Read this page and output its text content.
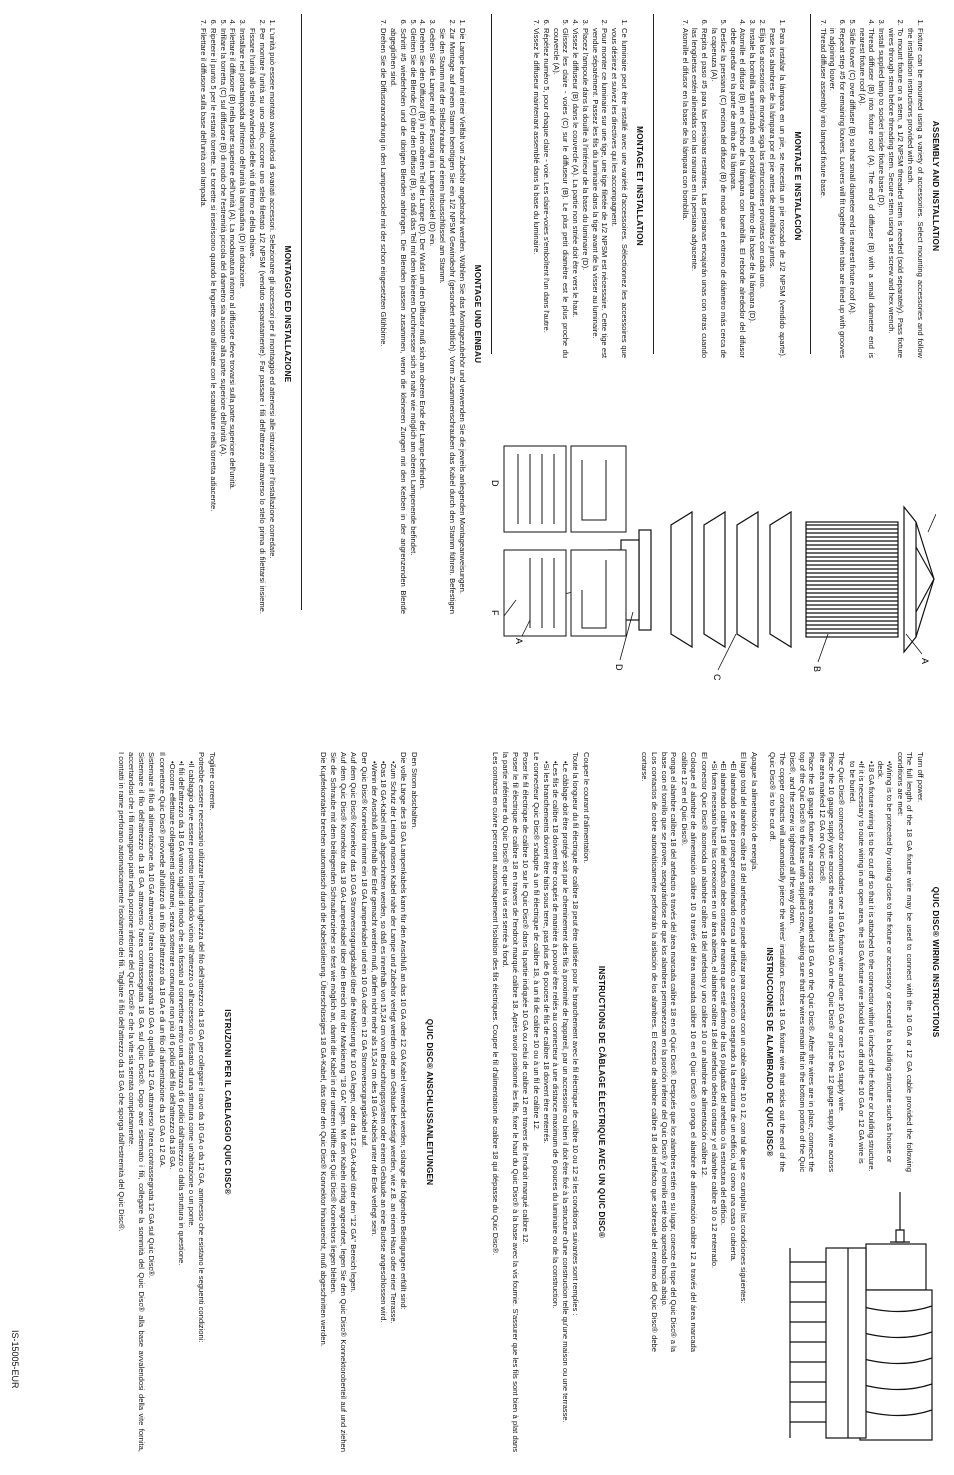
ASSEMBLY AND INSTALLATION
1. Fixture can be mounted using a variety of accessories. Select mounting accessories and follow the installation instructions provided with each.
2. To mount fixture on a stem, a 1/2 NPSM threaded stem is needed (sold separately). Pass fixture wires through stem before threading stem. Secure stem using a set screw and hex wrench.
3. Install supplied lamp to socket inside fixture base (D).
4. Thread diffuser (B) into fixture roof (A). The end of diffuser (B) with a small diameter end is nearest fixture roof (A).
5. Slide louver (C) over diffuser (B) so that small diameter end is nearest fixture roof (A).
6. Repeat step #5 for remaining louvers. Louvers will fit together when tabs are lined up with grooves in adjoining louver.
7. Thread diffuser assembly into lamped fixture base.
MONTAJE E INSTALACIÓN
1. Para instalar la lámpara en un pie, se necesita un pie roscado de 1/2 NPSM (vendido aparte). Pase los alambres de la lámpara por el pie antes de atornillarlos juntos.
2. Elija los accesorios de montaje siga las instrucciones provistas con cada uno.
3. Instale la bombilla suministrada en el portalámpara dentro de la base de la lámpara (D).
4. Atornille el difusor (B) en el techo de la lámpara con bombilla. El reborde alrededor del difusor debe quedar en la parte de arriba de la lámpara.
5. Deslice la persiana (C) encima del difusor (B) de modo que el extremo de diámetro más cerca de la caperuza (A).
6. Repita el paso #5 para las persianas restantes. Las persianas encajarán unas con otras cuando las lengüetas estén alineadas con las ranuras en la persiana adyacente.
7. Atornille el difusor en la base de la lámpara con bombilla.
MONTAGE ET INSTALLATION
1. Ce luminaire peut être installé avec une variété d'accessoires. Sélectionnez les accessoires que vous désirez et suivez les directives qui les accompagnent.
2. Pour monter ce luminaire sur une tige, une tige filetée de 1/2 NPSM est nécessaire. Cette tige est vendue séparément. Passez les fils du luminaire dans la tige avant de la visser au luminaire.
3. Placez l'ampoule dans la douille à l'intérieur de la base du luminaire (D).
4. Vissez le diffuseur (B) dans le couvercle (A). La partie non striée doit être vers le haut.
5. Glissez les claire - voies (C) sur le diffuseur (B). Le plus petit diamètre est le plus proche du couvercle (A).
6. Répétez numéro 5, pour chaque claire - voie. Les claire-voies s'emboîtent l'un dans l'autre.
7. Vissez le diffuseur maintenant assemblé dans la base du luminaire.
MONTAGE UND EINBAU
1. Die Lampe kann mit einer Vielfalt von Zubehör angebracht werden. Wählen Sie das Montagezubehör und verwenden Sie die jeweils anliegenden Montageanweisungen.
2. Zur Montage auf einem Stamm benötigen Sie ein 1/2 NPSM Gewindeohr (gesondert erhältlich). Vorm Zusammenschrauben das Kabel durch den Stamm führen. Befestigen Sie den Stamm mit der Stellschraube und einem Inbusschlüssel am Stamm.
3. Geben Sie die Lampe mit der Fassung im Lampensockel (D) ein.
4. Drehen Sie den Diffusor (B) in den oberen Teil der Lampe (D). Der Wulst um den Diffusor muß sich am oberen Ende der Lampe befinden.
5. Gleiten Sie die Blende (C) über den Diffusor (B), so daß das Teil mit dem kleineren Durchmesser sich so nahe wie möglich am oberen Lampenende befindet.
6. Schritt #5 wiederholen und die übrigen Blenden anbringen. Die Blenden passen zusammen, wenn die kleineren Zungen mit den Kerben in der angrenzenden Blende abgeglichen sind.
7. Drehen Sie die Diffusoranordnung in den Lampensockel mit der schon eingesetzten Glühbirne.
MONTAGGIO ED INSTALLAZIONE
1. L'unità può essere montato avvalendosi di svariati accessori. Selezionare gli accessori per il montaggio ed attenersi alle istruzioni per l'installazione corredate.
2. Per montare l'unità su uno stelo, occorre uno stelo filettato 1/2 NPSM (venduto separatamente). Far passare i fili dell'attrezzo attraverso lo stelo prima di filettarsi insieme. Fissare l'unità allo stelo avvalendosi delle viti di fermo e della chiave.
3. Installare nel portalampada all'interno dell'unità la lampadina (D) in dotazione.
4. Filettare il diffusore (B) nella parte superiore dell'unità (A). La modanatura intorno al diffusore deve trovarsi sulla parte superiore dell'unità.
5. Infilare la torretta (C) sul diffusore (B) di modo che l'estremità piccola del diametro sia accanto alla parte superiore dell'unità (A).
6. Ripetere il punto 5 per le restanti torrette. Le torrette si inseriscono quando le linguette sono allineate con le scanalature nella torretta adiacente.
7. Filettare il diffusore sulla base dell'unità con lampada.
A
B
C
D
D
F
A
QUIC DISC® WIRING INSTRUCTIONS
Turn off power.
The full length of the 18 GA fixture wire may be used to connect with the 10 GA or 12 GA cable provided the following conditions are met:
• Wiring is to be protected by routing close to the fixture or accessory or secured to a building structure such as house or deck.
• 18 GA fixture wiring is to be cut off so that it is attached to the connector within 6 inches of the fixture or building structure.
• If it is necessary to route wiring in an open area, the 18 GA fixture wire should be cut off and the 10 GA or 12 GA wire is to be buried.
The Quic Disc® connector accommodates one 18 GA fixture wire and one 10 GA or one 12 GA supply wire.
Place the 10 gauge supply wire across the area marked 10 GA on the Quic Disc® or place the 12 gauge supply wire across the area marked 12 GA on Quic Disc®.
Place the 18 gauge fixture wire across the area marked 18 GA on the Quic Disc®. After the wires are in place, connect the top of the Quic Disc® to the base with supplied screw, making sure that the wires remain flat in the bottom portion of the Quic Disc®, and the screw is tightened all the way down.
The copper contacts will automatically pierce the wires' insulation. Excess 18 GA fixture wire that sticks out the end of the Quic Disc® is to be cut off.
INSTRUCCIONES DE ALAMBRADO DE QUIC DISC®
Apague la alimentación de energía.
El largo total del alambre calibre 18 del artefacto se puede utilizar para conectar con un cable calibre 10 o 12, con tal de que se cumplan las condiciones siguientes:
• El alambrado se debe proteger encaminando cerca al artefacto o accesorio o asegurado a la estructura de un edificio, tal como una casa o cubierta.
• El alambrado calibre 18 del artefacto debe cortarse de manera que esté dentro de las 6 pulgadas del artefacto o la estructura del edificio.
• Si fuera necesario hacer las conexiones en un área abierta, el alambre calibre 18 del artefacto deberá cortarse y el alambre calibre 10 o 12 enterrado.
El conector Quic Disc® acomoda un alambre calibre 18 del artefacto y uno calibre 10 o un alambre de alimentación calibre 12.
Coloque el alambre de alimentación calibre 10 a través del área marcada calibre 10 en el Quic Disc® o ponga el alambre de alimentación calibre 12 a través del área marcada calibre 12 en el Quic Disc®.
Ponga el alambre calibre 18 del artefacto a través del área marcada calibre 18 en el Quic Disc®. Después que los alambres estén en su lugar, conecte el tope del Quic Disc® a la base con el tornillo que se provee, asegurándose de que los alambres permanezcan en la porción inferior del Quic Disc® y el tornillo esté todo apretado hacia abajo.
Los contactos de cobre automáticamente perforarán la aislación de los alambres. El exceso de alambre calibre 18 del artefacto que sobresale del extremo del Quic Disc® debe cortarse.
INSTRUCTIONS DE CÂBLAGE ÉLECTRIQUE AVEC UN QUIC DISC®
Couper le courant d'alimentation.
Toute la longueur du fil électrique de calibre 18 peut être utilisée pour le branchement avec le fil électrique de calibre 10 ou 12 si les conditions suivantes sont remplies :
• Le câblage doit être protégé soit par le cheminement des fils à proximité de l'appareil, par un accessoire ou bien il doit être fixé à la structure d'une construction telle qu'une maison ou une terrasse.
• Les fils de calibre 18 doivent être coupés de manière à pouvoir être reliés au connecteur à une distance maximum de 6 pouces du luminaire ou de la construction.
• Si les branchements doivent être faits sous terre, pas plus de 6 pouces de fils de calibre 18 doivent être enterrés.
Le connecteur Quic Disc® s'adapte à un fil électrique de calibre 18, à un fil de calibre 10 ou à un fil de calibre 12.
Poser le fil électrique de calibre 10 sur le Quic Disc® dans la partie indiquée 10 GA ou celui de calibre 12 en travers de l'endroit marqué calibre 12.
Poser le fil électrique de calibre 18 en travers de l'endroit marqué calibre 18. Après avoir positionné les fils, fixer le haut du Quic Disc® à la base avec la vis fournie. S'assurer que les fils sont bien à plat dans la partie inférieure du Quic Disc® et que la vis est serrée à fond.
Les contacts en cuivre perceront automatiquement l'isolation des fils électriques. Couper le fil d'alimentation de calibre 18 qui dépasse du Quic Disc®.
QUIC DISC® ANSCHLUSSANLEITUNGEN
Den Strom abschalten.
Die volle Länge des 18 GA Lampenkabels kann für den Anschluß an das 10 GA oder 12 GA Kabel verwendet werden, solange die folgenden Bedingungen erfüllt sind:
• Zum Schutz der Leitung müssen Kabel nahe der Lampe und Zubehör verlegt werden oder am Gebäude befestigt werden, wie z.B. an einem Haus oder einer Terrasse.
• Das 18 GA-Kabel muß abgeschnitten werden, so daß es innerhalb von 15,24 cm vom Beleuchtungssystem oder einem Gebäude an eine Buchse angeschlossen wird.
• Wenn der Anschluß unterhalb der Erde gemacht werden muß, dürfen nicht mehr als 15,24 cm des 18 GA-Kabels unter der Erde verlegt sein.
Der Quic Disc® Konnektor nimmt ein 18 GA Lampenkabel und ein 10 GA oder ein 12 GA Stromversorgungskabel auf.
Auf dem Quic Disc® Konnektor das 10 GA Stromversorgungskabel über die Markierung für 10 GA legen, oder das 12 GA-Kabel über den "12 GA" Bereich legen.
Auf dem Quic Disc® Konnektor das 18 GA-Lampenkabel über den Bereich mit der Markierung "18 GA" legen. Mit den Kabeln richtig angeordnet, legen Sie den Quic Disc® Konnektoroberteil auf und ziehen Sie die Schraube mit dem beiliegenden Schraubenzieher so fest wie möglich an, damit die Kabel in der unteren Hälfte des Quic Disc® Konnektors liegen bleiben.
Die Kupferkontakte brechen automatisch durch die Kabelisolierung. Überschüssiges 18 GA-Kabel, das über den Quic Disc® Konnektor hinausreicht, muß abgeschnitten werden.
ISTRUZIONI PER IL CABLAGGIO QUIC DISC®
Togliere corrente.
Potrebbe essere necessario utilizzare l'intera lunghezza del filo dell'attrezzo da 18 GA per collegare il cavo da 10 GA o da 12 GA, ammesso che esistano le seguenti condizioni:
• Il cablaggio deve essere protetto instradandolo vicino all'attrezzo o all'accessorio o fissato ad una struttura come un'abitazione o un ponte.
• I fili dell'attrezzo da 18 GA vanno tagliati di modo che sia fissato al connettore entro una distanza di 6 pollici dall'attrezzo o dalla struttura in questione.
• Occorre effettuare collegamenti sotterranei, senza sotterrare comunque non più di 6 pollici del filo dell'attrezzo da 18 GA.
Il connettore Quic Disc® provvede all'utilizzo di un filo dell'attrezzo da 18 GA e di un filo di alimentazione da 10 GA o 12 GA.
Sistemare il filo di alimentazione da 10 GA attraverso l'area contrassegnata 10 GA o quella da 12 GA attraverso l'area contrassegnata 12 GA sul Quic Disc®.
Sistemare il filo dell'attrezzo da 18 GA attraverso l'area contrassegnata 18 GA sul Quic Disc®. Dopo aver sistemato i fili, collegare la sommità del Quic Disc® alla base avvalendosi della vite fornita, accertandosi che i fili rimangano piatti nella porzione inferiore del Quic Disc® e che la vite sia serrata completamente.
I contatti in rame perforano automaticamente l'isolamento dei fili. Tagliare il filo dell'attrezzo da 18 GA che sporga dall'estremità del Quic Disc®.
IS-15005-EUR
